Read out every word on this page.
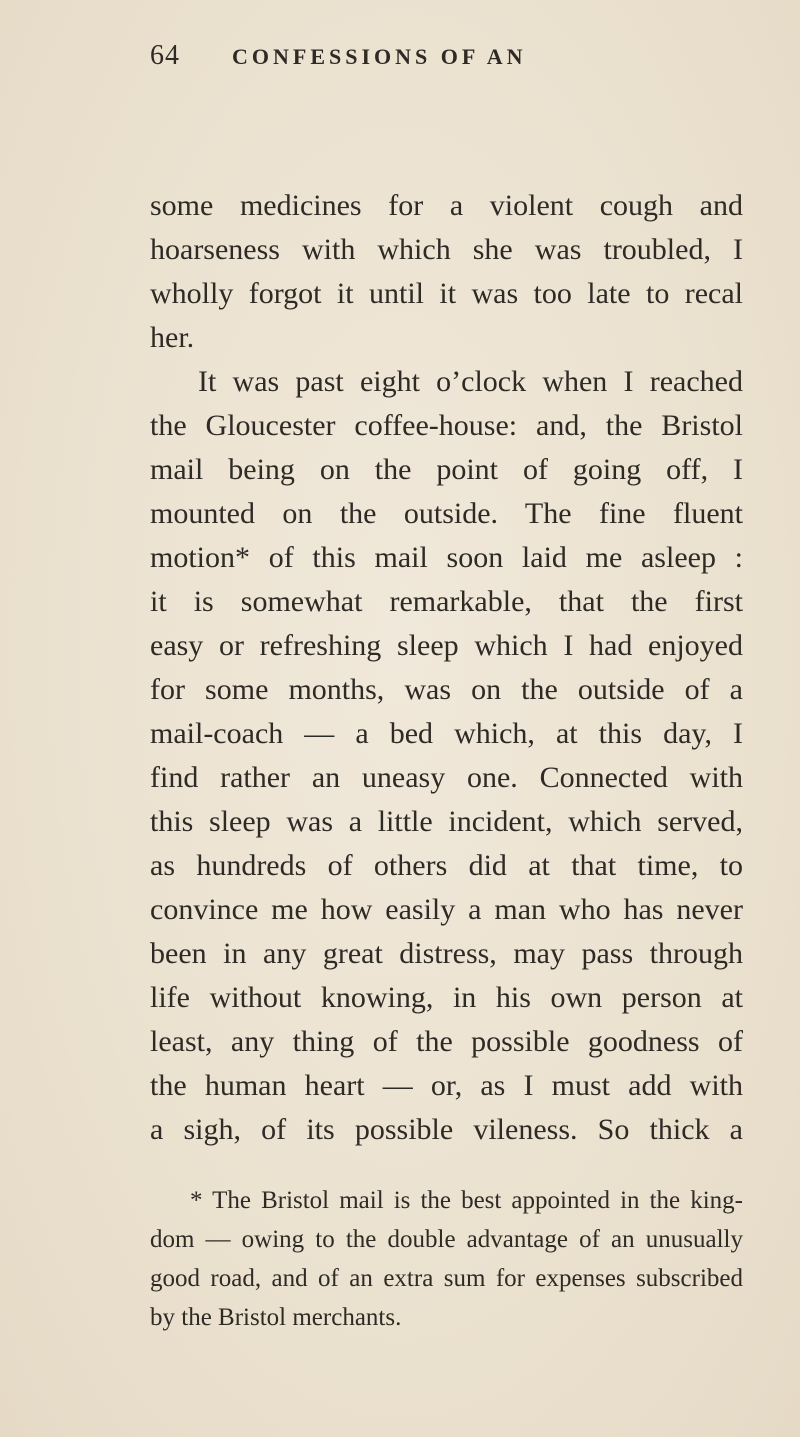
64 CONFESSIONS OF AN
some medicines for a violent cough and
hoarseness with which she was troubled, I
wholly forgot it until it was too late to recal
her.
It was past eight o’clock when I reached
the Gloucester coffee-house: and, the Bristol
mail being on the point of going off, I
mounted on the outside. The fine fluent
motion* of this mail soon laid me asleep :
it is somewhat remarkable, that the first
easy or refreshing sleep which I had enjoyed
for some months, was on the outside of a
mail-coach — a bed which, at this day, I
find rather an uneasy one. Connected with
this sleep was a little incident, which served,
as hundreds of others did at that time, to
convince me how easily a man who has never
been in any great distress, may pass through
life without knowing, in his own person at
least, any thing of the possible goodness of
the human heart — or, as I must add with
a sigh, of its possible vileness. So thick a
* The Bristol mail is the best appointed in the king-
dom — owing to the double advantage of an unusually
good road, and of an extra sum for expenses subscribed
by the Bristol merchants.
